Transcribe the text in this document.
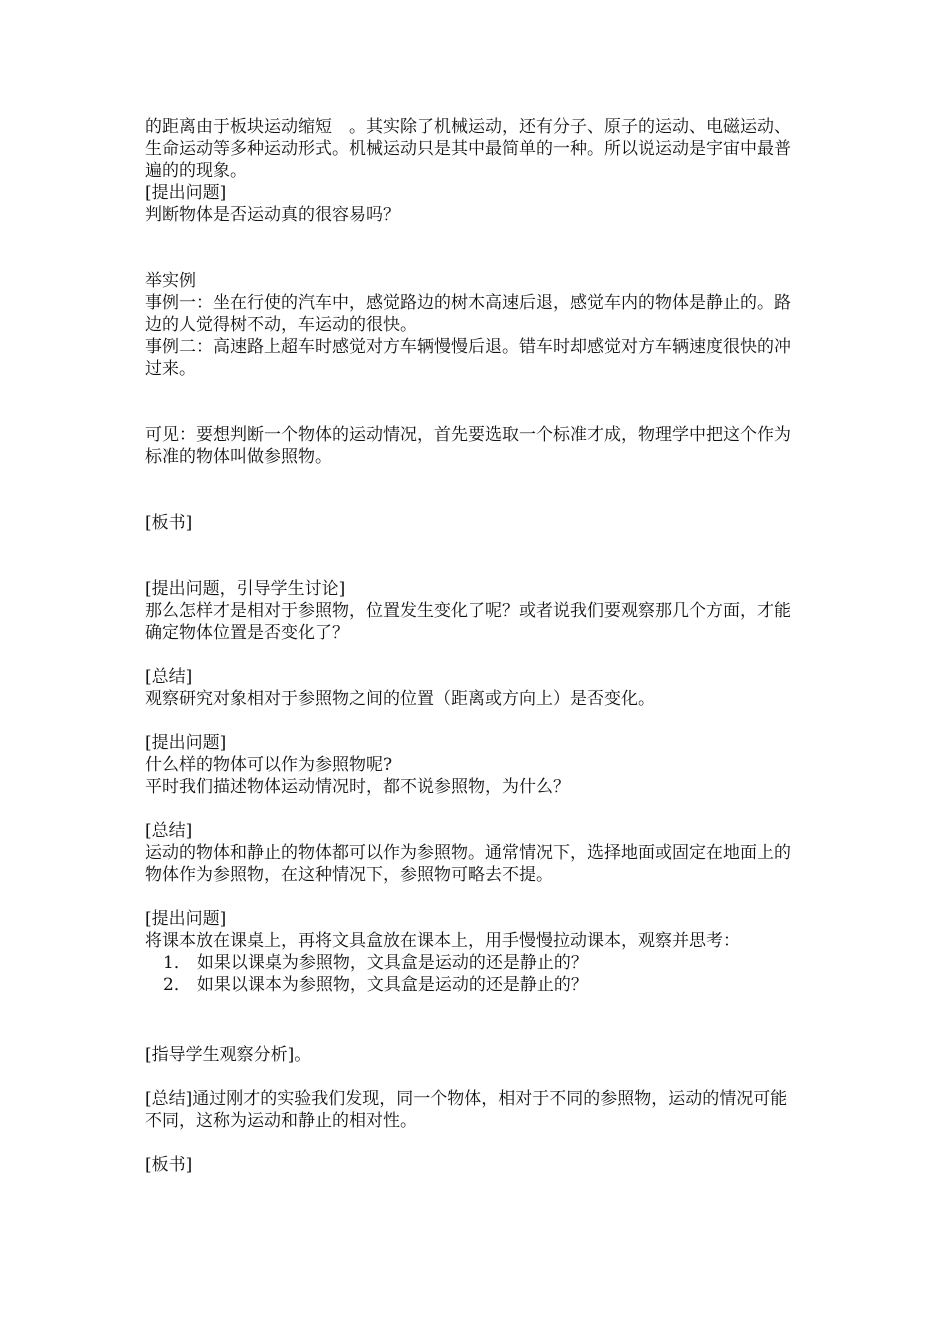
的距离由于板块运动缩短　。其实除了机械运动，还有分子、原子的运动、电磁运动、生命运动等多种运动形式。机械运动只是其中最简单的一种。所以说运动是宇宙中最普遍的的现象。

[提出问题]

判断物体是否运动真的很容易吗？

举实例

事例一：坐在行使的汽车中，感觉路边的树木高速后退，感觉车内的物体是静止的。路边的人觉得树不动，车运动的很快。

事例二：高速路上超车时感觉对方车辆慢慢后退。错车时却感觉对方车辆速度很快的冲过来。

可见：要想判断一个物体的运动情况，首先要选取一个标准才成，物理学中把这个作为标准的物体叫做参照物。

[板书]

[提出问题，引导学生讨论]

那么怎样才是相对于参照物，位置发生变化了呢？或者说我们要观察那几个方面，才能确定物体位置是否变化了？

[总结]

观察研究对象相对于参照物之间的位置（距离或方向上）是否变化。

[提出问题]

什么样的物体可以作为参照物呢?

平时我们描述物体运动情况时，都不说参照物，为什么？

[总结]

运动的物体和静止的物体都可以作为参照物。通常情况下，选择地面或固定在地面上的物体作为参照物，在这种情况下，参照物可略去不提。

[提出问题]

将课本放在课桌上，再将文具盒放在课本上，用手慢慢拉动课本，观察并思考：

1． 如果以课桌为参照物，文具盒是运动的还是静止的？
2． 如果以课本为参照物，文具盒是运动的还是静止的？

[指导学生观察分析]。

[总结]通过刚才的实验我们发现，同一个物体，相对于不同的参照物，运动的情况可能不同，这称为运动和静止的相对性。

[板书]
